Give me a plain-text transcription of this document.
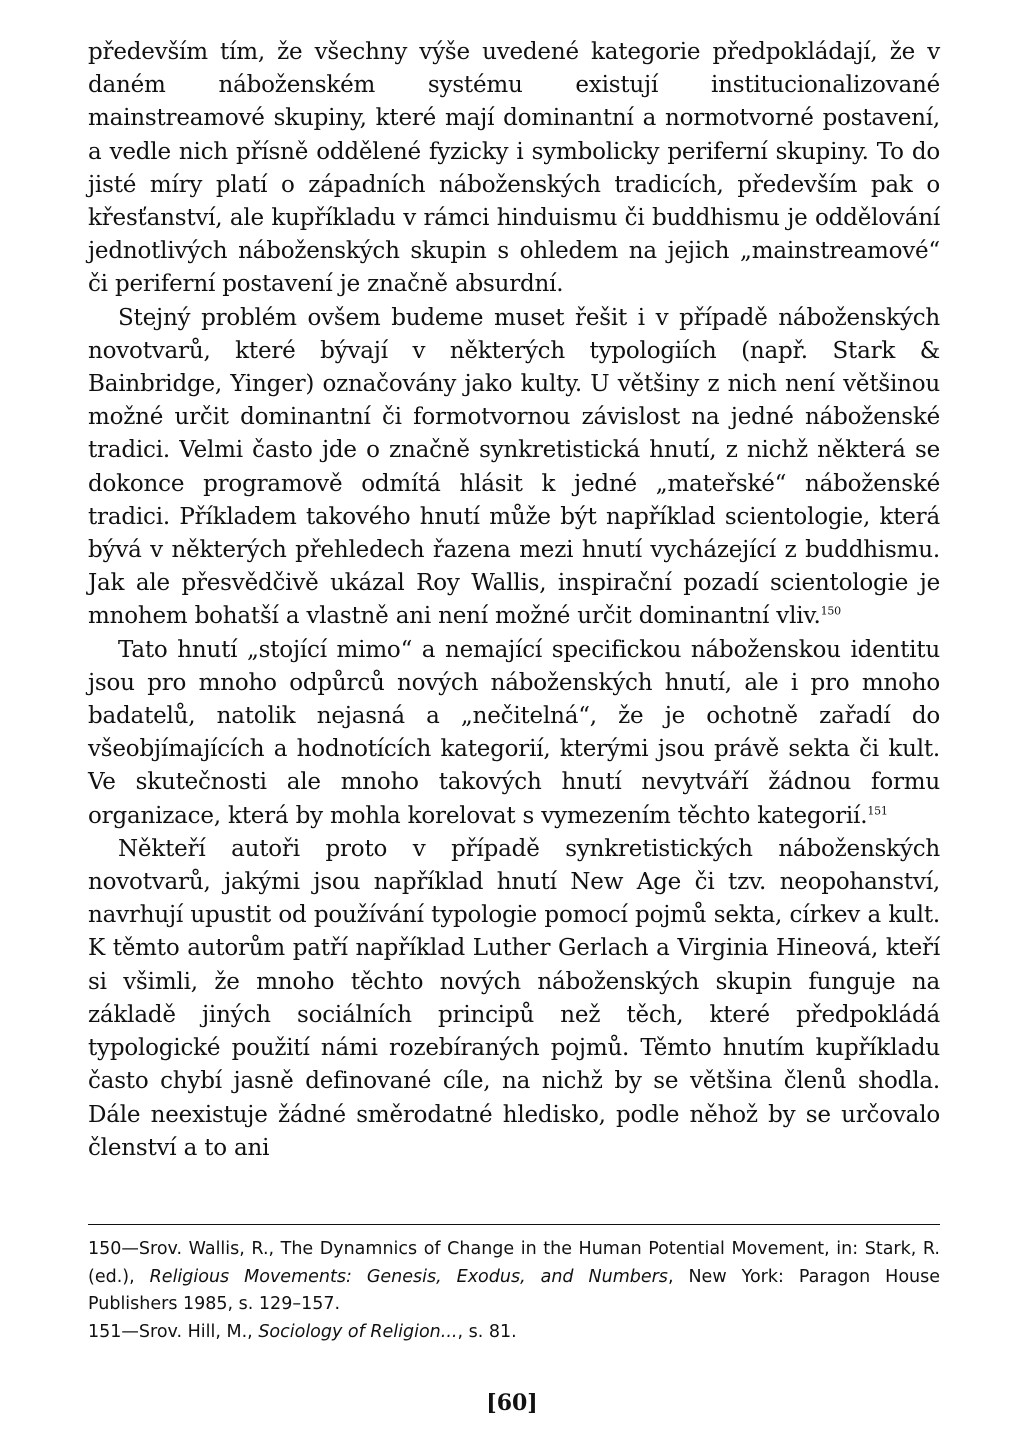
především tím, že všechny výše uvedené kategorie předpokládají, že v daném náboženském systému existují institucionalizované mainstreamové skupiny, které mají dominantní a normotvorné postavení, a vedle nich přísně oddělené fyzicky i symbolicky periferní skupiny. To do jisté míry platí o západních náboženských tradicích, především pak o křesťanství, ale kupříkladu v rámci hinduismu či buddhismu je oddělování jednotlivých náboženských skupin s ohledem na jejich „mainstreamové“ či periferní postavení je značně absurdní.

Stejný problém ovšem budeme muset řešit i v případě náboženských novotvarů, které bývají v některých typologiích (např. Stark & Bainbridge, Yinger) označovány jako kulty. U většiny z nich není většinou možné určit dominantní či formotvornou závislost na jedné náboženské tradici. Velmi často jde o značně synkretistická hnutí, z nichž některá se dokonce programově odmítá hlásit k jedné „mateřské“ náboženské tradici. Příkladem takového hnutí může být například scientologie, která bývá v některých přehledech řazena mezi hnutí vycházející z buddhismu. Jak ale přesvědčivě ukázal Roy Wallis, inspirační pozadí scientologie je mnohem bohatší a vlastně ani není možné určit dominantní vliv.$^{150}$

Tato hnutí „stojící mimo“ a nemající specifickou náboženskou identitu jsou pro mnoho odpůrců nových náboženských hnutí, ale i pro mnoho badatelů, natolik nejasná a „nečitelná“, že je ochotně zařadí do všeobjímajících a hodnotících kategorií, kterými jsou právě sekta či kult. Ve skutečnosti ale mnoho takových hnutí nevytváří žádnou formu organizace, která by mohla korelovat s vymezením těchto kategorií.$^{151}$

Někteří autoři proto v případě synkretistických náboženských novotvarů, jakými jsou například hnutí New Age či tzv. neopohanství, navrhují upustit od používání typologie pomocí pojmů sekta, církev a kult. K těmto autorům patří například Luther Gerlach a Virginia Hineová, kteří si všimli, že mnoho těchto nových náboženských skupin funguje na základě jiných sociálních principů než těch, které předpokládá typologické použití námi rozebíraných pojmů. Těmto hnutím kupříkladu často chybí jasně definované cíle, na nichž by se většina členů shodla. Dále neexistuje žádné směrodatné hledisko, podle něhož by se určovalo členství a to ani

150—Srov. Wallis, R., The Dynamnics of Change in the Human Potential Movement, in: Stark, R. (ed.), Religious Movements: Genesis, Exodus, and Numbers, New York: Paragon House Publishers 1985, s. 129–157.

151—Srov. Hill, M., Sociology of Religion..., s. 81.

[60]
